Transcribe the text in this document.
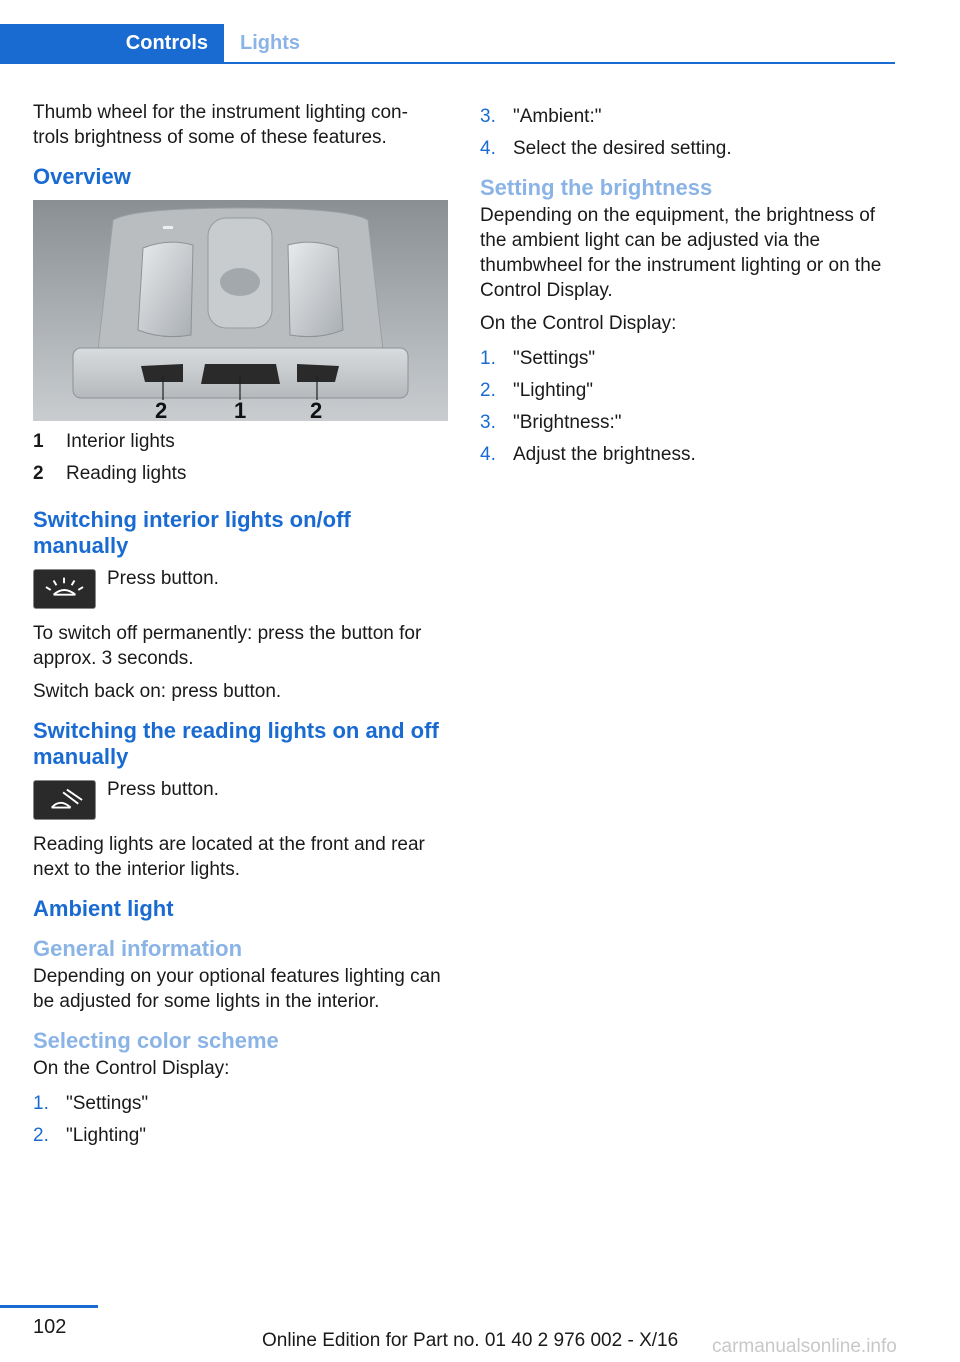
Controls	Lights

Thumb wheel for the instrument lighting con‐ trols brightness of some of these features.

Overview
2	1	2
1	Interior lights
2	Reading lights
Switching interior lights on/off manually
Press button.

To switch off permanently: press the button for approx. 3 seconds.

Switch back on: press button.

Switching the reading lights on and off manually
Press button.

Reading lights are located at the front and rear next to the interior lights.

Ambient light
General information

Depending on your optional features lighting can be adjusted for some lights in the interior.

Selecting color scheme

On the Control Display:

1. "Settings"
2. "Lighting"
3. "Ambient:"
4. Select the desired setting.
Setting the brightness

Depending on the equipment, the brightness of the ambient light can be adjusted via the thumbwheel for the instrument lighting or on the Control Display.

On the Control Display:

1. "Settings"
2. "Lighting"
3. "Brightness:"
4. Adjust the brightness.
102
Online Edition for Part no. 01 40 2 976 002 - X/16 carmanualsonline.info
